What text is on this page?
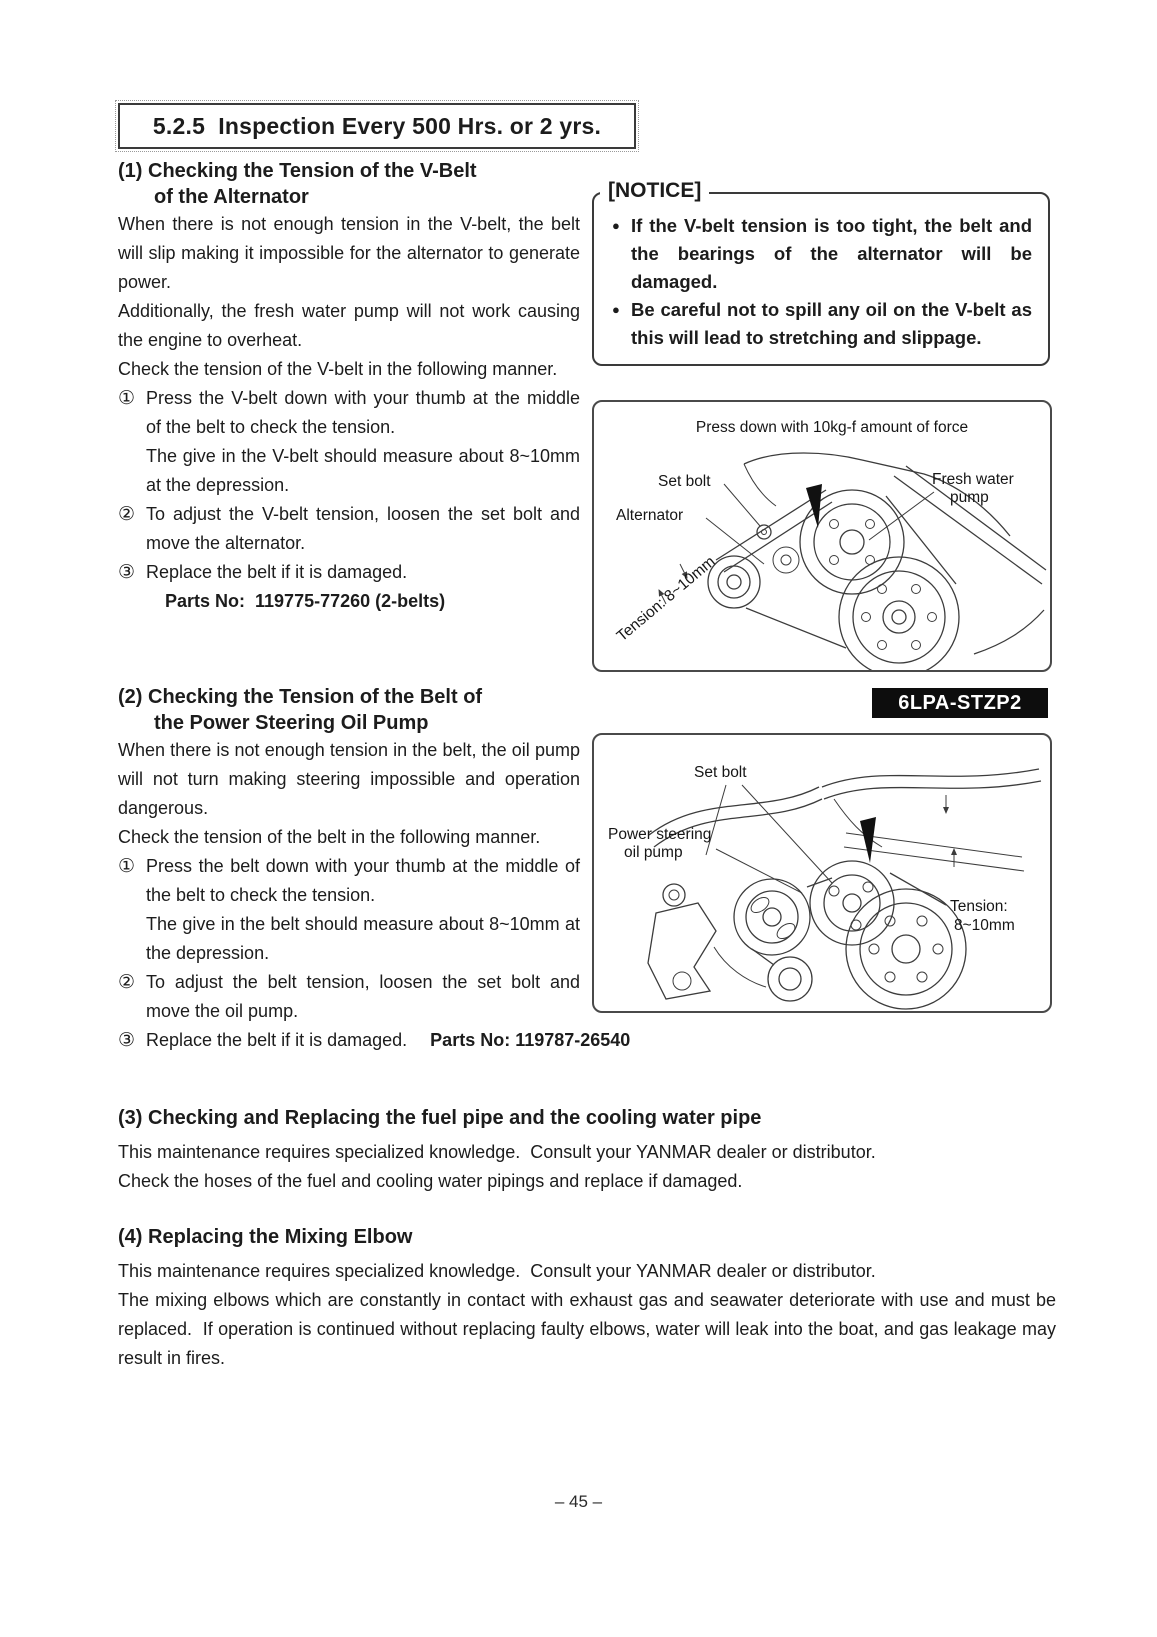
5.2.5  Inspection Every 500 Hrs. or 2 yrs.
(1) Checking the Tension of the V-Belt
of the Alternator

When there is not enough tension in the V-belt, the belt will slip making it impossible for the alternator to generate power.

Additionally, the fresh water pump will not work causing the engine to overheat.

Check the tension of the V-belt in the following manner.

① Press the V-belt down with your thumb at the middle of the belt to check the tension.
The give in the V-belt should measure about 8~10mm at the depression.
② To adjust the V-belt tension, loosen the set bolt and move the alternator.
③ Replace the belt if it is damaged.
Parts No:  119775-77260 (2-belts)
(2) Checking the Tension of the Belt of
the Power Steering Oil Pump

When there is not enough tension in the belt, the oil pump will not turn making steering impossible and operation dangerous.

Check the tension of the belt in the following manner.

① Press the belt down with your thumb at the middle of the belt to check the tension.
The give in the belt should measure about 8~10mm at the depression.
② To adjust the belt tension, loosen the set bolt and move the oil pump.
③ Replace the belt if it is damaged. Parts No: 119787-26540
[NOTICE]
● If the V-belt tension is too tight, the belt and the bearings of the alternator will be damaged.
● Be careful not to spill any oil on the V-belt as this will lead to stretching and slippage.
Press down with 10kg-f amount of force
Set bolt
Alternator
Fresh water
pump
Tension: 8~10mm
6LPA-STZP2
Set bolt
Power steering
oil pump
Tension:
8~10mm

(3) Checking and Replacing the fuel pipe and the cooling water pipe

This maintenance requires specialized knowledge.  Consult your YANMAR dealer or distributor.

Check the hoses of the fuel and cooling water pipings and replace if damaged.

(4) Replacing the Mixing Elbow

This maintenance requires specialized knowledge.  Consult your YANMAR dealer or distributor.

The mixing elbows which are constantly in contact with exhaust gas and seawater deteriorate with use and must be replaced.  If operation is continued without replacing faulty elbows, water will leak into the boat, and gas leakage may result in fires.

– 45 –
